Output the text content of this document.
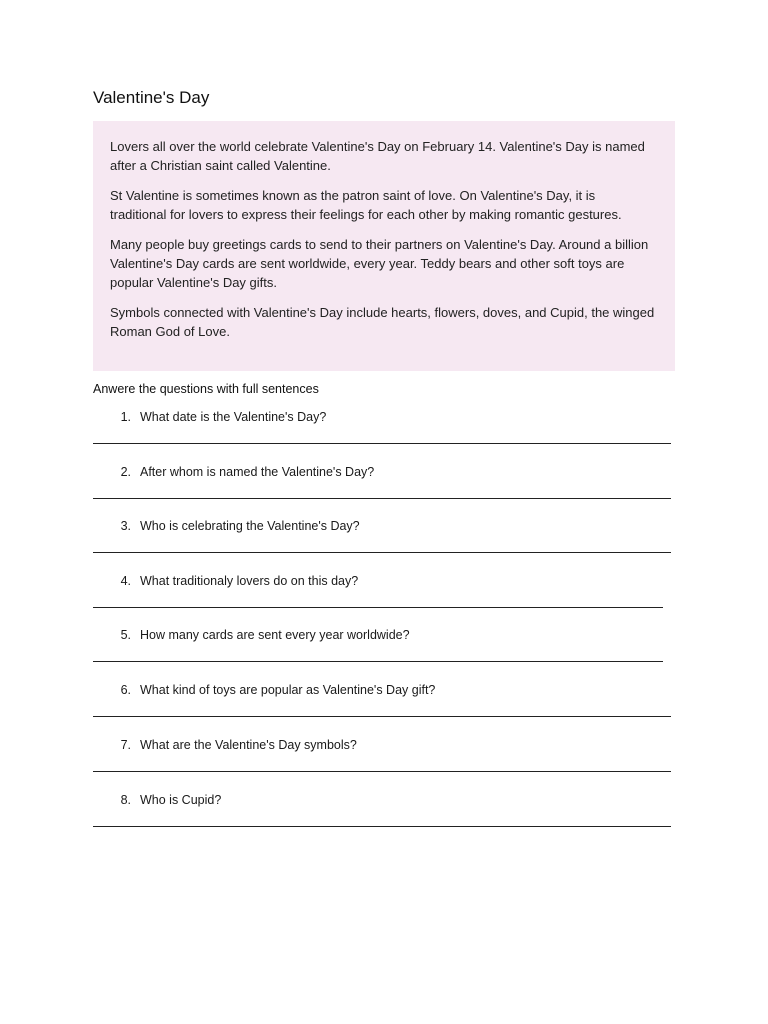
Valentine's Day

Lovers all over the world celebrate Valentine's Day on February 14. Valentine's Day is named after a Christian saint called Valentine.

St Valentine is sometimes known as the patron saint of love. On Valentine's Day, it is traditional for lovers to express their feelings for each other by making romantic gestures.

Many people buy greetings cards to send to their partners on Valentine's Day. Around a billion Valentine's Day cards are sent worldwide, every year. Teddy bears and other soft toys are popular Valentine's Day gifts.

Symbols connected with Valentine's Day include hearts, flowers, doves, and Cupid, the winged Roman God of Love.

Anwere the questions with full sentences

1. What date is the Valentine's Day?
2. After whom is named the Valentine's Day?
3. Who is celebrating the Valentine's Day?
4. What traditionaly lovers do on this day?
5. How many cards are sent every year worldwide?
6. What kind of toys are popular as Valentine's Day gift?
7. What are the Valentine's Day symbols?
8. Who is Cupid?
